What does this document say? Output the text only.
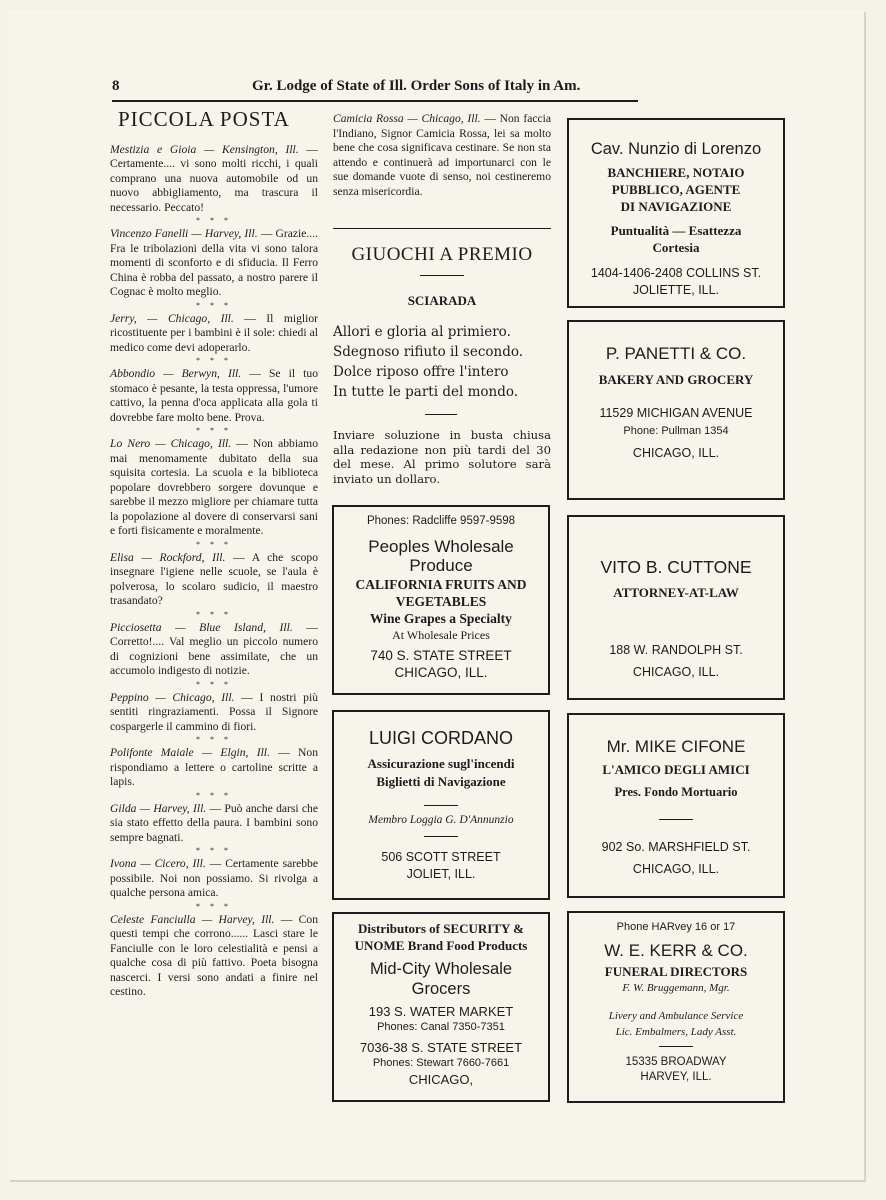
8	Gr. Lodge of State of Ill. Order Sons of Italy in Am.
PICCOLA POSTA
Mestizia e Gioia — Kensington, Ill. — Certamente.... vi sono molti ricchi, i quali comprano una nuova automobile od un nuovo abbigliamento, ma trascura il necessario. Peccato!
* * *
Vincenzo Fanelli — Harvey, Ill. — Grazie.... Fra le tribolazioni della vita vi sono talora momenti di sconforto e di sfiducia. Il Ferro China è robba del passato, a nostro parere il Cognac è molto meglio.
* * *
Jerry, — Chicago, Ill. — Il miglior ricostituente per i bambini è il sole: chiedi al medico come devi adoperarlo.
* * *
Abbondio — Berwyn, Ill. — Se il tuo stomaco è pesante, la testa oppressa, l'umore cattivo, la penna d'oca applicata alla gola ti dovrebbe fare molto bene. Prova.
* * *
Lo Nero — Chicago, Ill. — Non abbiamo mai menomamente dubitato della sua squisita cortesia. La scuola e la biblioteca popolare dovrebbero sorgere dovunque e sarebbe il mezzo migliore per chiamare tutta la popolazione al dovere di conservarsi sani e forti fisicamente e moralmente.
* * *
Elisa — Rockford, Ill. — A che scopo insegnare l'igiene nelle scuole, se l'aula è polverosa, lo scolaro sudicio, il maestro trasandato?
* * *
Picciosetta — Blue Island, Ill. — Corretto!.... Val meglio un piccolo numero di cognizioni bene assimilate, che un accumolo indigesto di notizie.
* * *
Peppino — Chicago, Ill. — I nostri più sentiti ringraziamenti. Possa il Signore cospargerle il cammino di fiori.
* * *
Polifonte Maiale — Elgin, Ill. — Non rispondiamo a lettere o cartoline scritte a lapis.
* * *
Gilda — Harvey, Ill. — Può anche darsi che sia stato effetto della paura. I bambini sono sempre bagnati.
* * *
Ivona — Cicero, Ill. — Certamente sarebbe possibile. Noi non possiamo. Si rivolga a qualche persona amica.
* * *
Celeste Fanciulla — Harvey, Ill. — Con questi tempi che corrono...... Lasci stare le Fanciulle con le loro celestialità e pensi a qualche cosa di più fattivo. Poeta bisogna nascerci. I versi sono andati a finire nel cestino.
Camicia Rossa — Chicago, Ill. — Non faccia l'Indiano, Signor Camicia Rossa, lei sa molto bene che cosa significava cestinare. Se non sta attendo e continuerà ad importunarci con le sue domande vuote di senso, noi cestineremo senza misericordia.
GIUOCHI A PREMIO
SCIARADA
Allori e gloria al primiero.
Sdegnoso rifiuto il secondo.
Dolce riposo offre l'intero
In tutte le parti del mondo.
Inviare soluzione in busta chiusa alla redazione non più tardi del 30 del mese. Al primo solutore sarà inviato un dollaro.
Phones: Radcliffe 9597-9598
Peoples Wholesale
Produce
CALIFORNIA FRUITS AND
VEGETABLES
Wine Grapes a Specialty
At Wholesale Prices
740 S. STATE STREET
CHICAGO, ILL.
LUIGI CORDANO
Assicurazione sugl'incendi
Biglietti di Navigazione
Membro Loggia G. D'Annunzio
506 SCOTT STREET
JOLIET, ILL.
Distributors of SECURITY &
UNOME Brand Food Products
Mid-City Wholesale
Grocers
193 S. WATER MARKET
Phones: Canal 7350-7351
7036-38 S. STATE STREET
Phones: Stewart 7660-7661
CHICAGO,
Cav. Nunzio di Lorenzo
BANCHIERE, NOTAIO
PUBBLICO, AGENTE
DI NAVIGAZIONE
Puntualità — Esattezza
Cortesia
1404-1406-2408 COLLINS ST.
JOLIETTE, ILL.
P. PANETTI & CO.
BAKERY AND GROCERY
11529 MICHIGAN AVENUE
Phone: Pullman 1354
CHICAGO, ILL.
VITO B. CUTTONE
ATTORNEY-AT-LAW
188 W. RANDOLPH ST.
CHICAGO, ILL.
Mr. MIKE CIFONE
L'AMICO DEGLI AMICI
Pres. Fondo Mortuario
902 So. MARSHFIELD ST.
CHICAGO, ILL.
Phone HARvey 16 or 17
W. E. KERR & CO.
FUNERAL DIRECTORS
F. W. Bruggemann, Mgr.
Livery and Ambulance Service
Lic. Embalmers, Lady Asst.
15335 BROADWAY
HARVEY, ILL.
